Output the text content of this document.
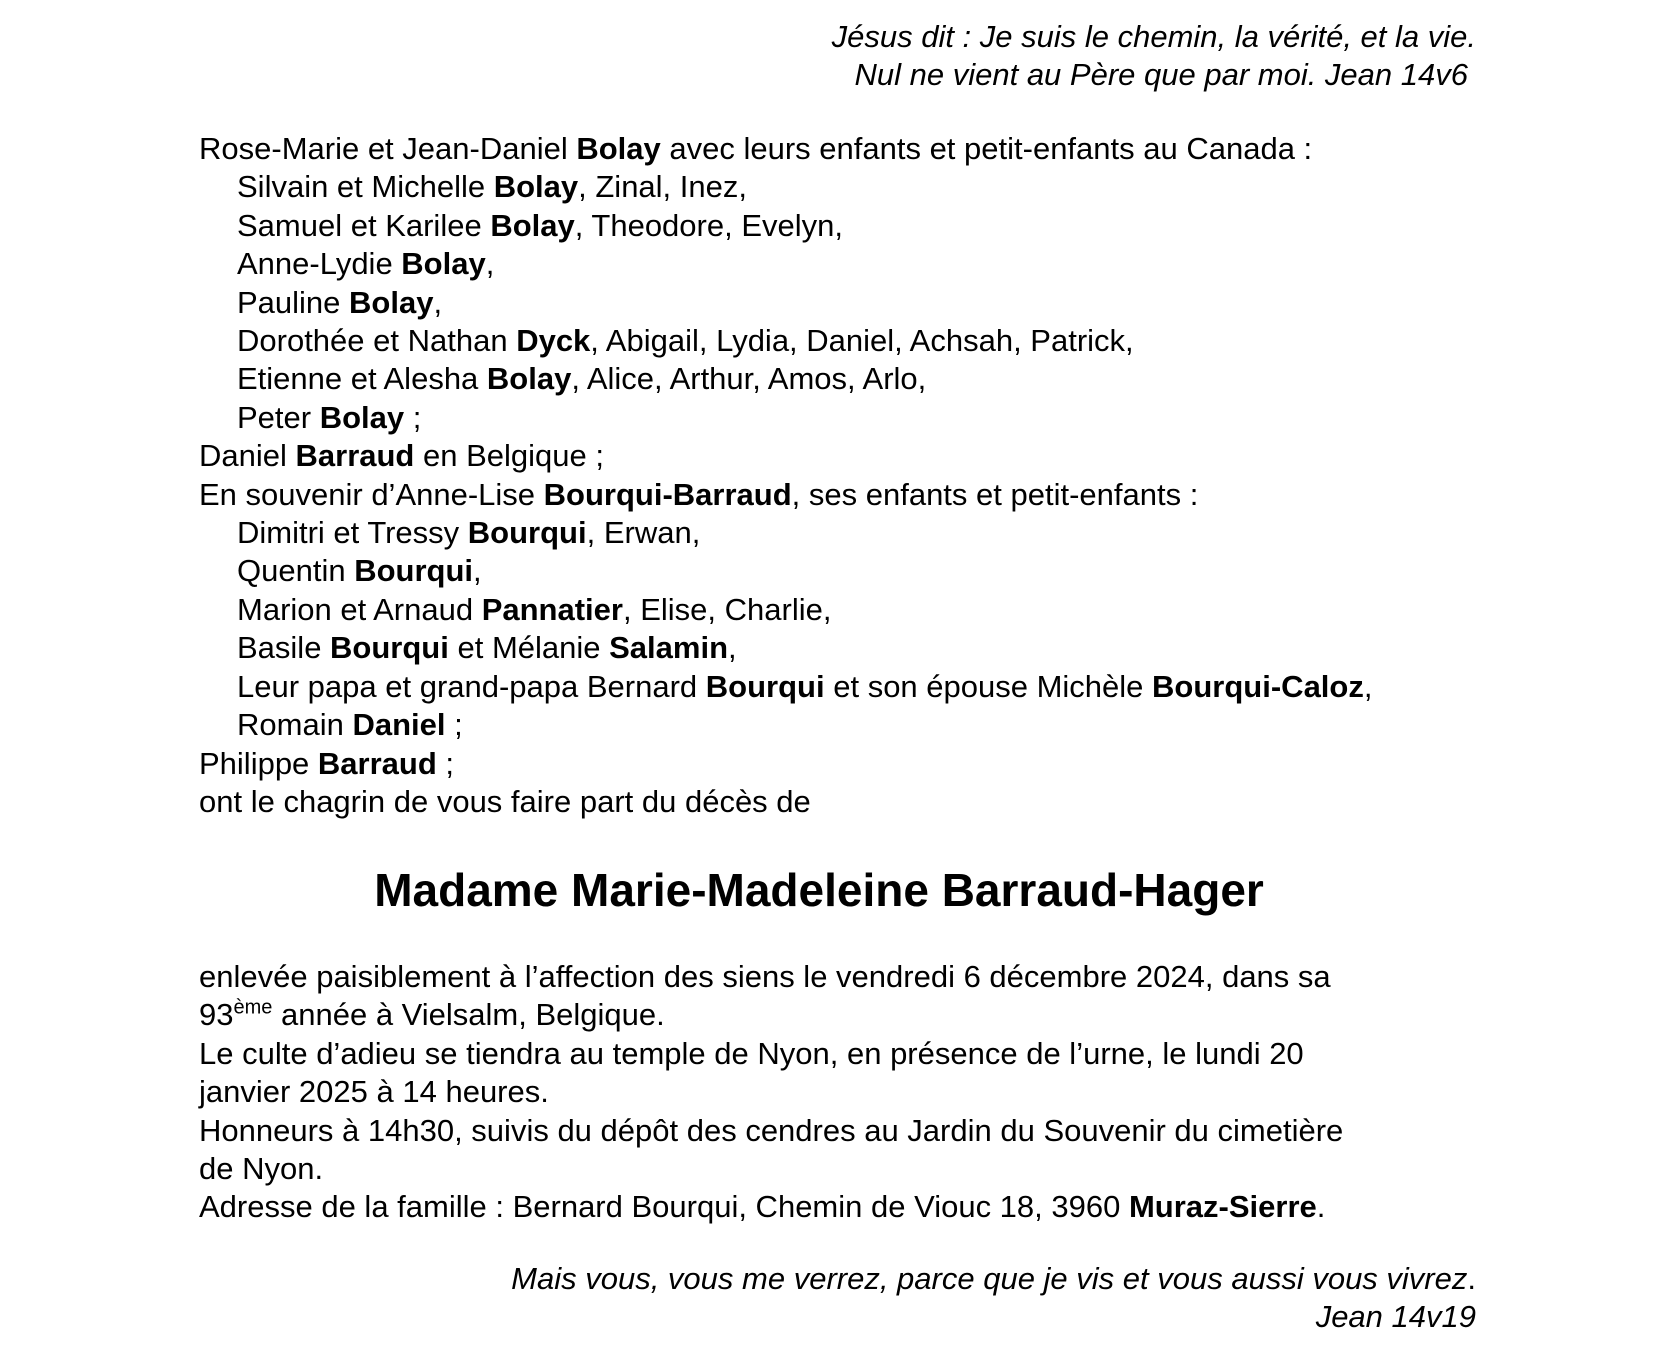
Jésus dit : Je suis le chemin, la vérité, et la vie.
Nul ne vient au Père que par moi. Jean 14v6
Rose-Marie et Jean-Daniel Bolay avec leurs enfants et petit-enfants au Canada :
Silvain et Michelle Bolay, Zinal, Inez,
Samuel et Karilee Bolay, Theodore, Evelyn,
Anne-Lydie Bolay,
Pauline Bolay,
Dorothée et Nathan Dyck, Abigail, Lydia, Daniel, Achsah, Patrick,
Etienne et Alesha Bolay, Alice, Arthur, Amos, Arlo,
Peter Bolay ;
Daniel Barraud en Belgique ;
En souvenir d’Anne-Lise Bourqui-Barraud, ses enfants et petit-enfants :
Dimitri et Tressy Bourqui, Erwan,
Quentin Bourqui,
Marion et Arnaud Pannatier, Elise, Charlie,
Basile Bourqui et Mélanie Salamin,
Leur papa et grand-papa Bernard Bourqui et son épouse Michèle Bourqui-Caloz,
Romain Daniel ;
Philippe Barraud ;
ont le chagrin de vous faire part du décès de
Madame Marie-Madeleine Barraud-Hager
enlevée paisiblement à l’affection des siens le vendredi 6 décembre 2024, dans sa
93ème année à Vielsalm, Belgique.
Le culte d’adieu se tiendra au temple de Nyon, en présence de l’urne, le lundi 20
janvier 2025 à 14 heures.
Honneurs à 14h30, suivis du dépôt des cendres au Jardin du Souvenir du cimetière
de Nyon.
Adresse de la famille : Bernard Bourqui, Chemin de Viouc 18, 3960 Muraz-Sierre.
Mais vous, vous me verrez, parce que je vis et vous aussi vous vivrez.
Jean 14v19
